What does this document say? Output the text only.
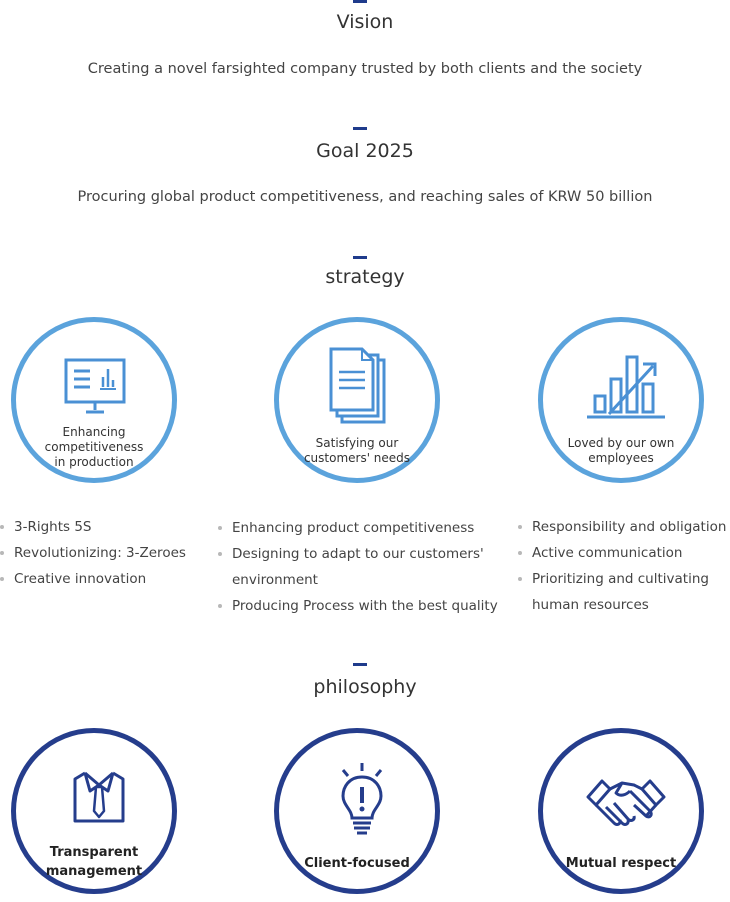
Vision
Creating a novel farsighted company trusted by both clients and the society
Goal 2025
Procuring global product competitiveness, and reaching sales of KRW 50 billion
strategy
Enhancing
competitiveness
in production
Satisfying our
customers' needs
Loved by our own
employees
3-Rights 5S
Revolutionizing: 3-Zeroes
Creative innovation
Enhancing product competitiveness
Designing to adapt to our customers'
environment
Producing Process with the best quality
Responsibility and obligation
Active communication
Prioritizing and cultivating
human resources
philosophy
Transparent
management
Client-focused	Mutual respect
